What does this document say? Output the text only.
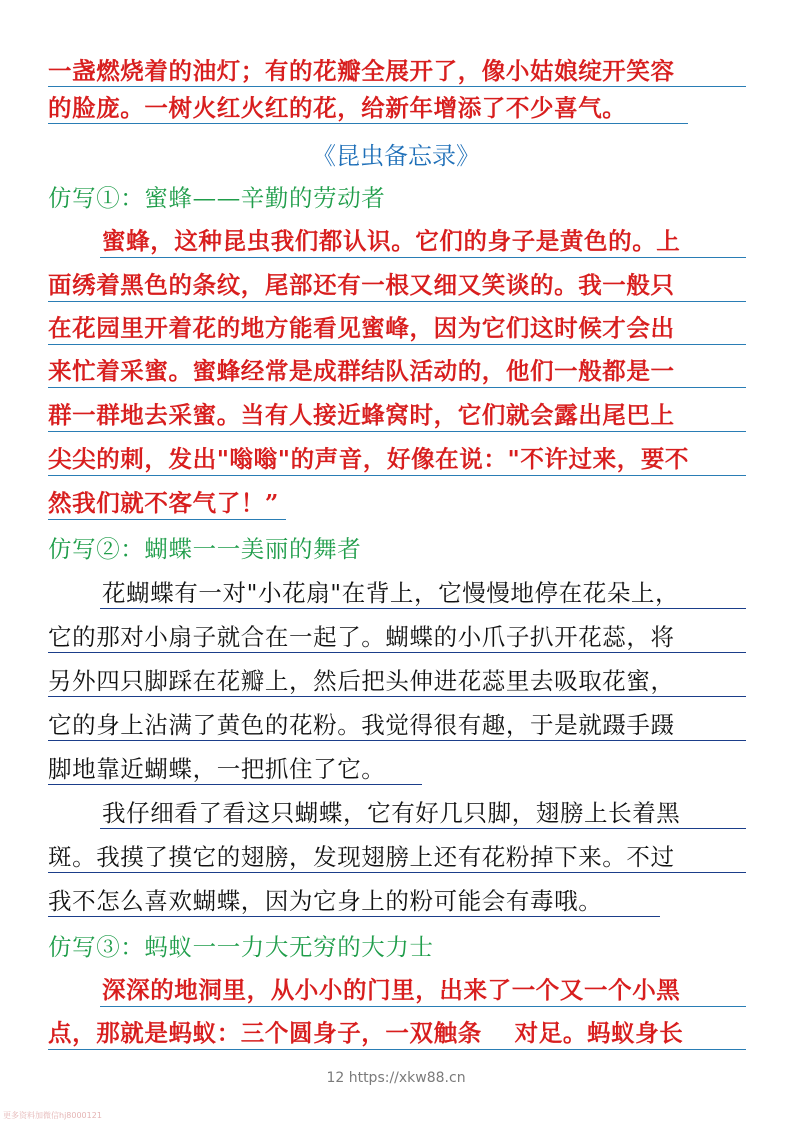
一盏燃烧着的油灯；有的花瓣全展开了，像小姑娘绽开笑容
的脸庞。一树火红火红的花，给新年增添了不少喜气。
《昆虫备忘录》
仿写①：蜜蜂——辛勤的劳动者
蜜蜂，这种昆虫我们都认识。它们的身子是黄色的。上
面绣着黑色的条纹，尾部还有一根又细又笑谈的。我一般只
在花园里开着花的地方能看见蜜峰，因为它们这时候才会出
来忙着采蜜。蜜蜂经常是成群结队活动的，他们一般都是一
群一群地去采蜜。当有人接近蜂窝时，它们就会露出尾巴上
尖尖的刺，发出"嗡嗡"的声音，好像在说："不许过来，要不
然我们就不客气了！”
仿写②：蝴蝶一一美丽的舞者
花蝴蝶有一对"小花扇"在背上，它慢慢地停在花朵上，
它的那对小扇子就合在一起了。蝴蝶的小爪子扒开花蕊，将
另外四只脚踩在花瓣上，然后把头伸进花蕊里去吸取花蜜，
它的身上沾满了黄色的花粉。我觉得很有趣，于是就蹑手蹑
脚地靠近蝴蝶，一把抓住了它。
我仔细看了看这只蝴蝶，它有好几只脚，翅膀上长着黑
斑。我摸了摸它的翅膀，发现翅膀上还有花粉掉下来。不过
我不怎么喜欢蝴蝶，因为它身上的粉可能会有毒哦。
仿写③：蚂蚁一一力大无穷的大力士
深深的地洞里，从小小的门里，出来了一个又一个小黑
点，那就是蚂蚁：三个圆身子，一双触条　 对足。蚂蚁身长
12 https://xkw88.cn
更多资料加微信hj8000121
